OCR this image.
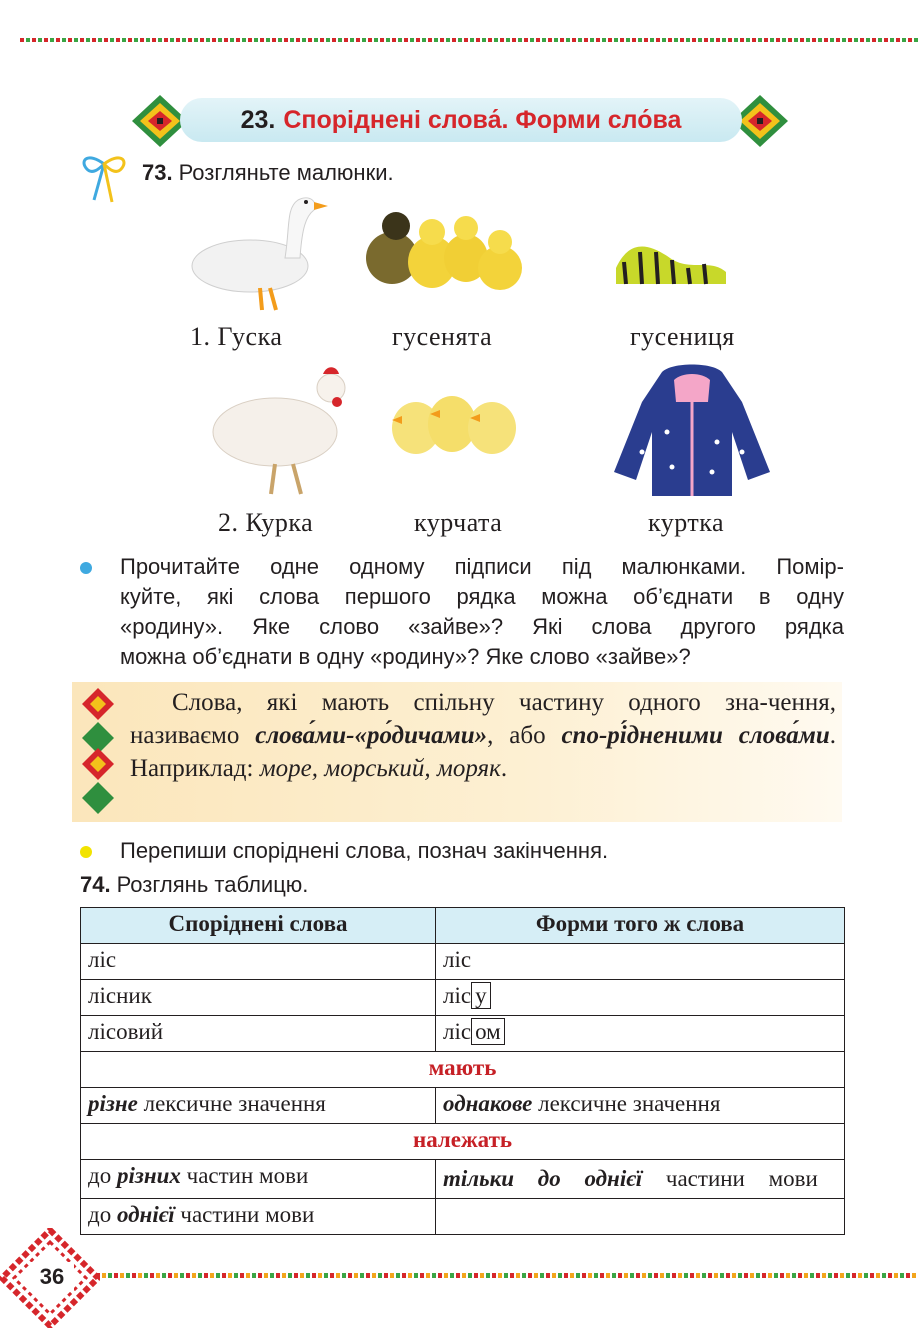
23. Споріднені слова́. Форми сло́ва
73. Розгляньте малюнки.
1. Гуска	гусенята	гусениця
2. Курка	курчата	куртка
Прочитайте одне одному підписи під малюнками. Помір-
куйте, які слова першого рядка можна об’єднати в одну
«родину». Яке слово «зайве»? Які слова другого рядка
можна об’єднати в одну «родину»? Яке слово «зайве»?
Слова, які мають спільну частину одного зна-чення, називаємо слова́ми-«ро́дичами», або спо-рі́дненими слова́ми. Наприклад: море, морський, моряк.
Перепиши споріднені слова, познач закінчення.
74. Розглянь таблицю.
Споріднені слова	Форми того ж слова
ліс	ліс
лісник	ліс у
лісовий	ліс ом
мають	
різне лексичне значення	однакове лексичне значення
належать	
до різних частин мови	тільки до однієї частини мови
до однієї частини мови	
36
